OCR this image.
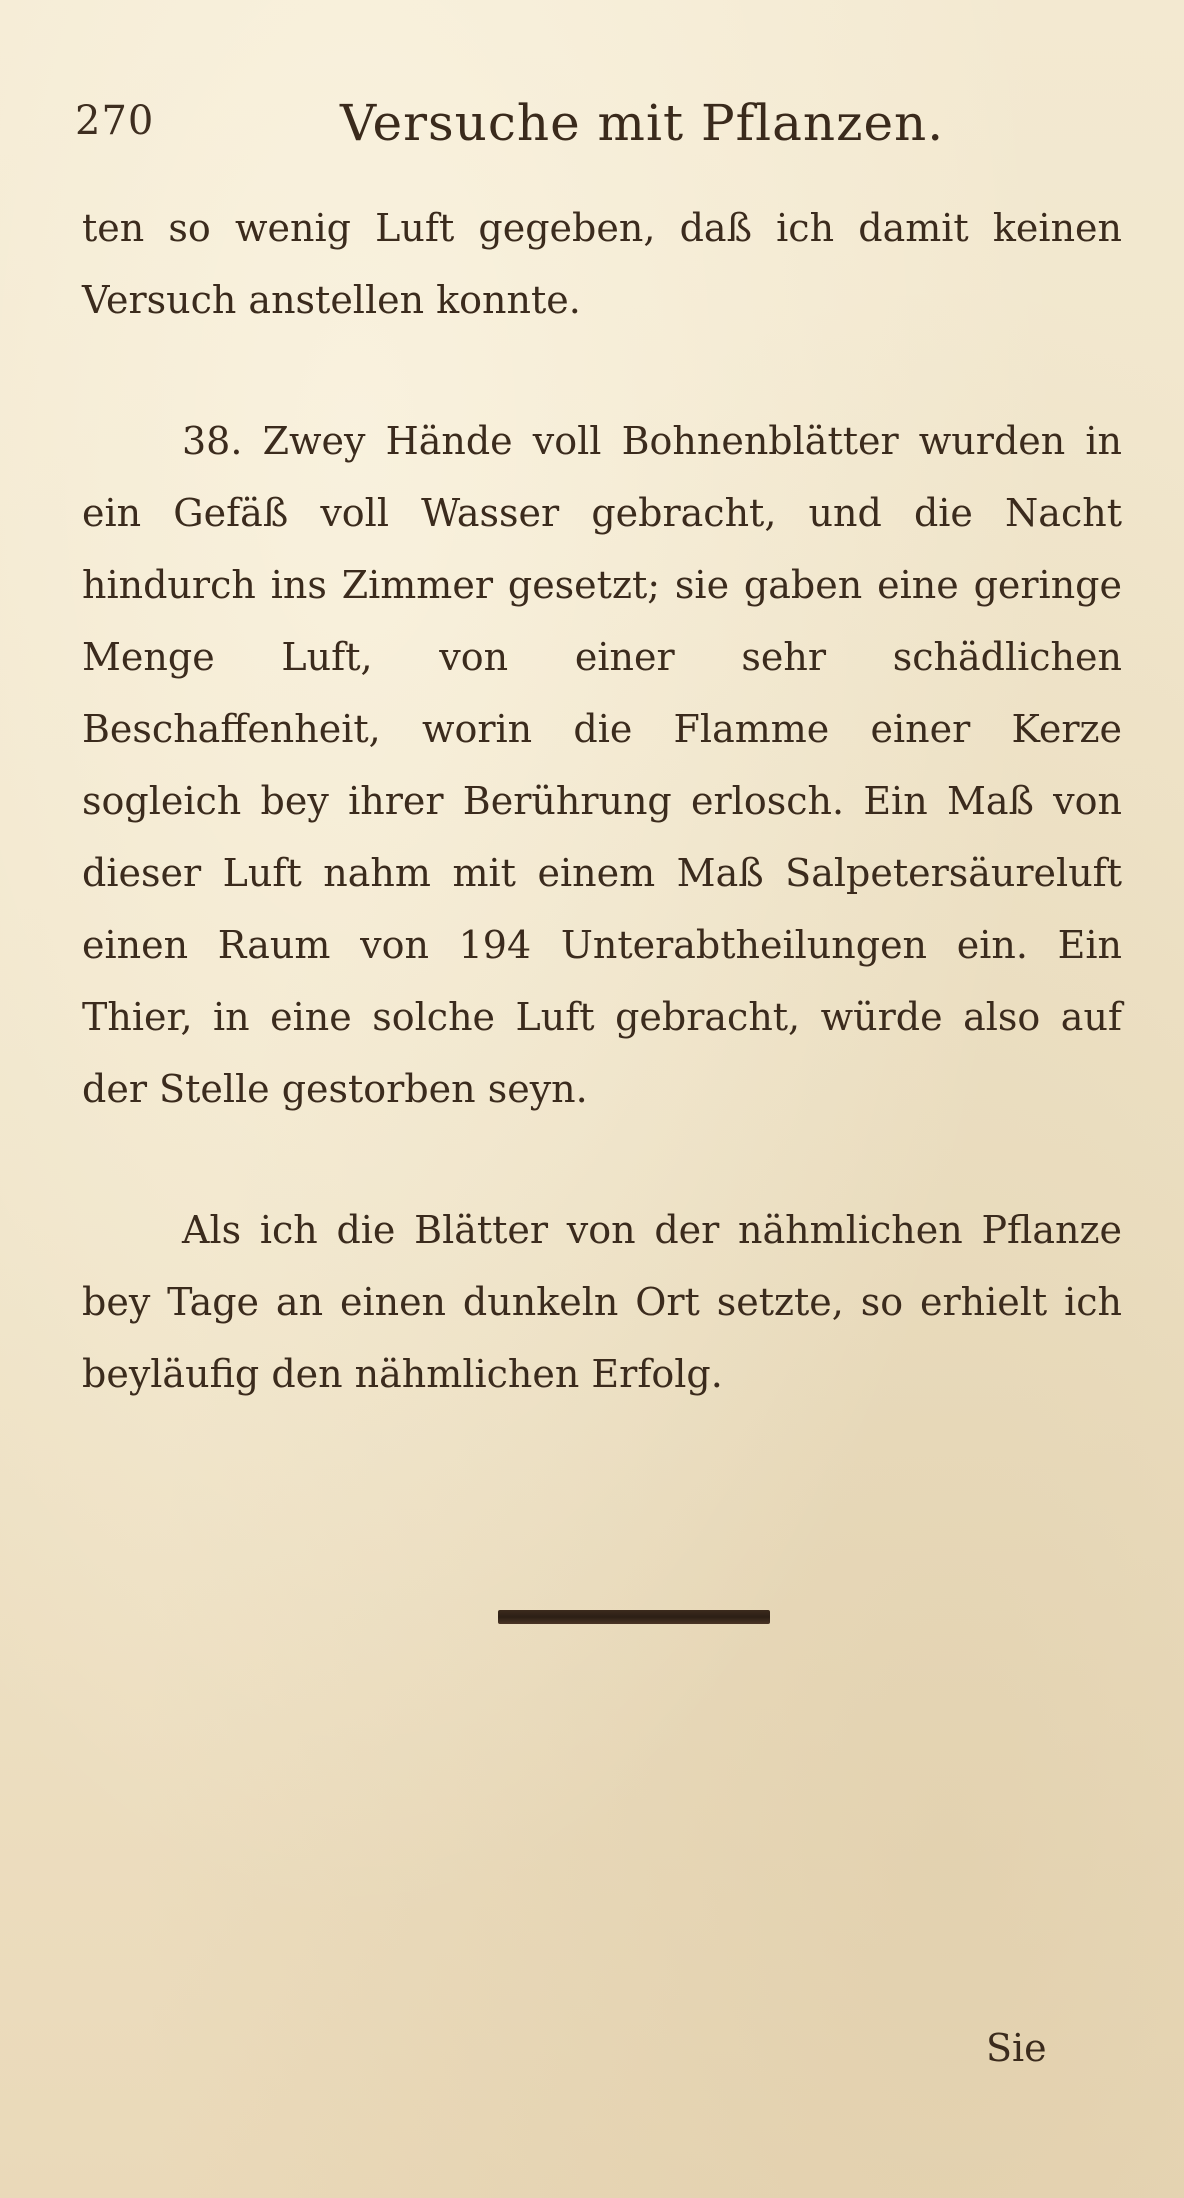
270	Versuche mit Pflanzen.

ten so wenig Luft gegeben, daß ich damit keinen Versuch anstellen konnte.

38. Zwey Hände voll Bohnenblätter wurden in ein Gefäß voll Wasser gebracht, und die Nacht hindurch ins Zimmer gesetzt; sie gaben eine geringe Menge Luft, von einer sehr schädlichen Beschaffenheit, worin die Flamme einer Kerze sogleich bey ihrer Berührung erlosch. Ein Maß von dieser Luft nahm mit einem Maß Salpetersäureluft einen Raum von 194 Unterabtheilungen ein. Ein Thier, in eine solche Luft gebracht, würde also auf der Stelle gestorben seyn.

Als ich die Blätter von der nähmlichen Pflanze bey Tage an einen dunkeln Ort setzte, so erhielt ich beyläufig den nähmlichen Erfolg.

Sie
